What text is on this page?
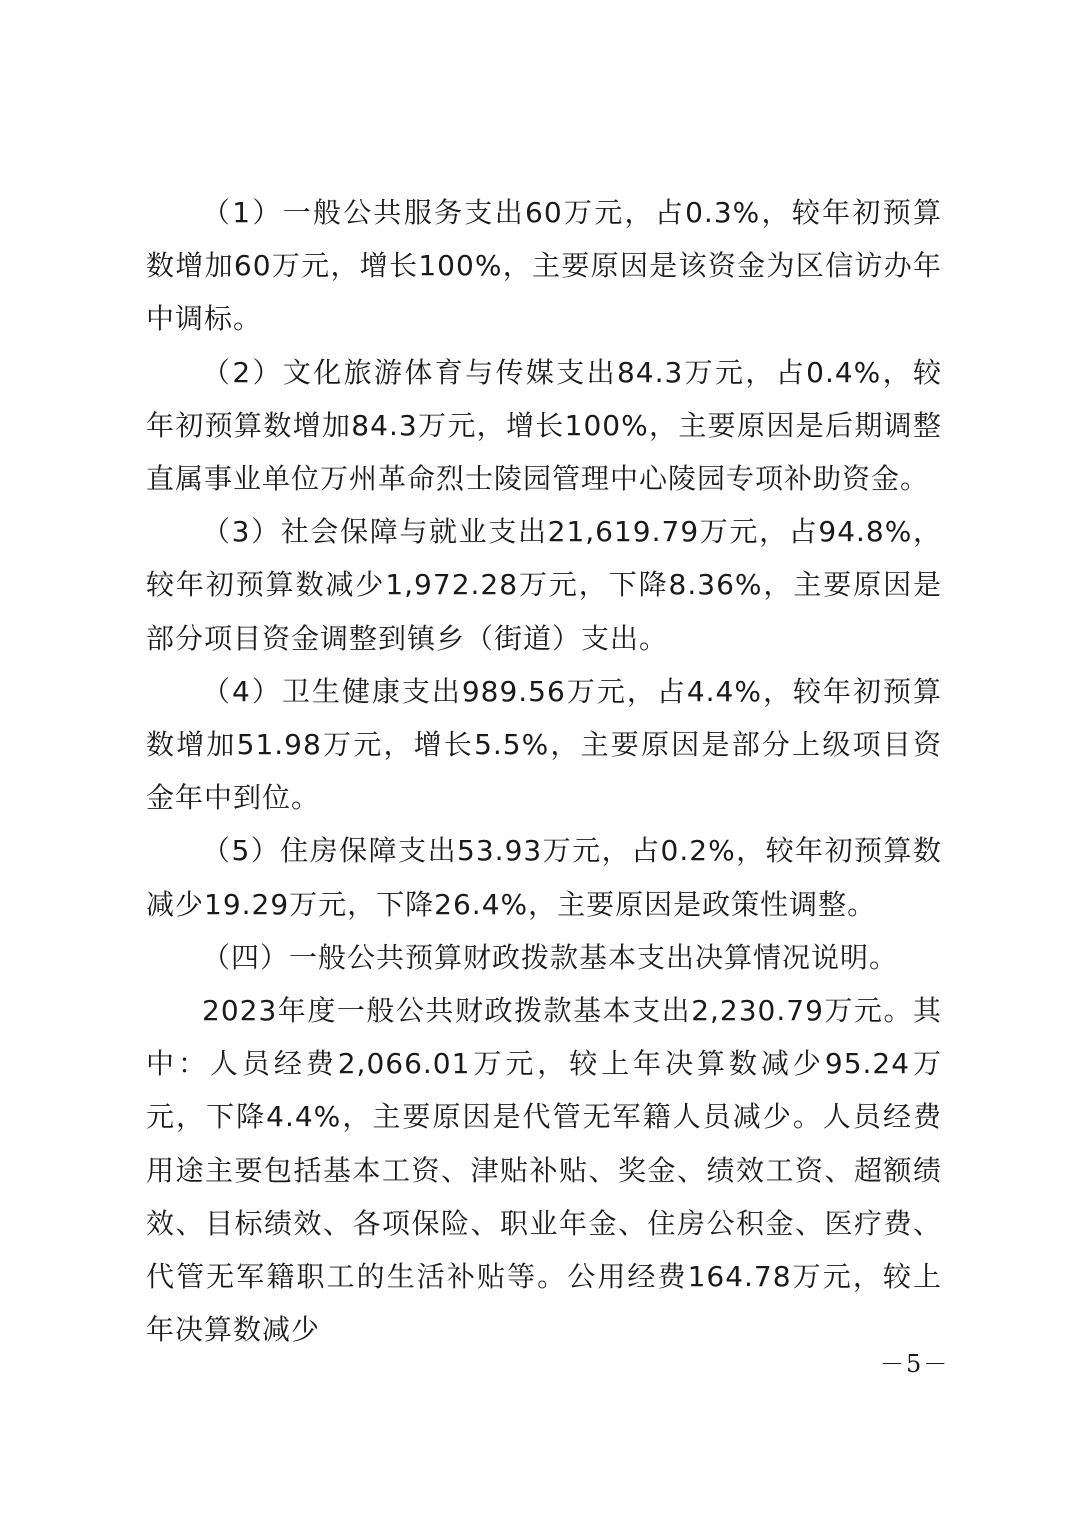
（1）一般公共服务支出60万元，占0.3%，较年初预算数增加60万元，增长100%，主要原因是该资金为区信访办年中调标。

（2）文化旅游体育与传媒支出84.3万元，占0.4%，较年初预算数增加84.3万元，增长100%，主要原因是后期调整直属事业单位万州革命烈士陵园管理中心陵园专项补助资金。

（3）社会保障与就业支出21,619.79万元，占94.8%，较年初预算数减少1,972.28万元，下降8.36%，主要原因是部分项目资金调整到镇乡（街道）支出。

（4）卫生健康支出989.56万元，占4.4%，较年初预算数增加51.98万元，增长5.5%，主要原因是部分上级项目资金年中到位。

（5）住房保障支出53.93万元，占0.2%，较年初预算数减少19.29万元，下降26.4%，主要原因是政策性调整。

（四）一般公共预算财政拨款基本支出决算情况说明。

2023年度一般公共财政拨款基本支出2,230.79万元。其中：人员经费2,066.01万元，较上年决算数减少95.24万元，下降4.4%，主要原因是代管无军籍人员减少。人员经费用途主要包括基本工资、津贴补贴、奖金、绩效工资、超额绩效、目标绩效、各项保险、职业年金、住房公积金、医疗费、代管无军籍职工的生活补贴等。公用经费164.78万元，较上年决算数减少

－5－
